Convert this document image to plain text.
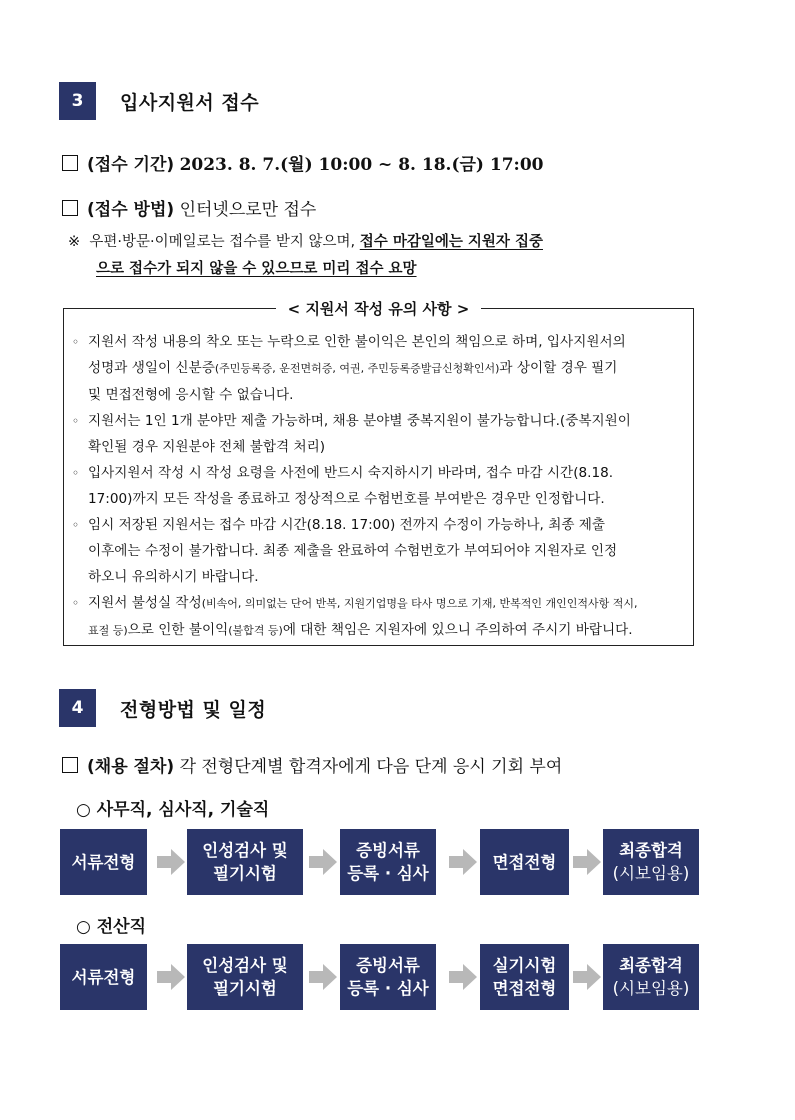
3	입사지원서 접수
(접수 기간) 2023. 8. 7.(월) 10:00 ~ 8. 18.(금) 17:00
(접수 방법) 인터넷으로만 접수
※ 우편·방문·이메일로는 접수를 받지 않으며, 접수 마감일에는 지원자 집중
으로 접수가 되지 않을 수 있으므로 미리 접수 요망
< 지원서 작성 유의 사항 >
◦ 지원서 작성 내용의 착오 또는 누락으로 인한 불이익은 본인의 책임으로 하며, 입사지원서의
성명과 생일이 신분증(주민등록증, 운전면허증, 여권, 주민등록증발급신청확인서)과 상이할 경우 필기
및 면접전형에 응시할 수 없습니다.
◦ 지원서는 1인 1개 분야만 제출 가능하며, 채용 분야별 중복지원이 불가능합니다.(중복지원이
확인될 경우 지원분야 전체 불합격 처리)
◦ 입사지원서 작성 시 작성 요령을 사전에 반드시 숙지하시기 바라며, 접수 마감 시간(8.18.
17:00)까지 모든 작성을 종료하고 정상적으로 수험번호를 부여받은 경우만 인정합니다.
◦ 임시 저장된 지원서는 접수 마감 시간(8.18. 17:00) 전까지 수정이 가능하나, 최종 제출
이후에는 수정이 불가합니다. 최종 제출을 완료하여 수험번호가 부여되어야 지원자로 인정
하오니 유의하시기 바랍니다.
◦ 지원서 불성실 작성(비속어, 의미없는 단어 반복, 지원기업명을 타사 명으로 기재, 반복적인 개인인적사항 적시,
표절 등)으로 인한 불이익(불합격 등)에 대한 책임은 지원자에 있으니 주의하여 주시기 바랍니다.
4	전형방법 및 일정
(채용 절차) 각 전형단계별 합격자에게 다음 단계 응시 기회 부여
○ 사무직, 심사직, 기술직
서류전형
인성검사 및
필기시험
증빙서류
등록 · 심사
면접전형
최종합격
(시보임용)
○ 전산직
서류전형
인성검사 및
필기시험
증빙서류
등록 · 심사
실기시험
면접전형
최종합격
(시보임용)
